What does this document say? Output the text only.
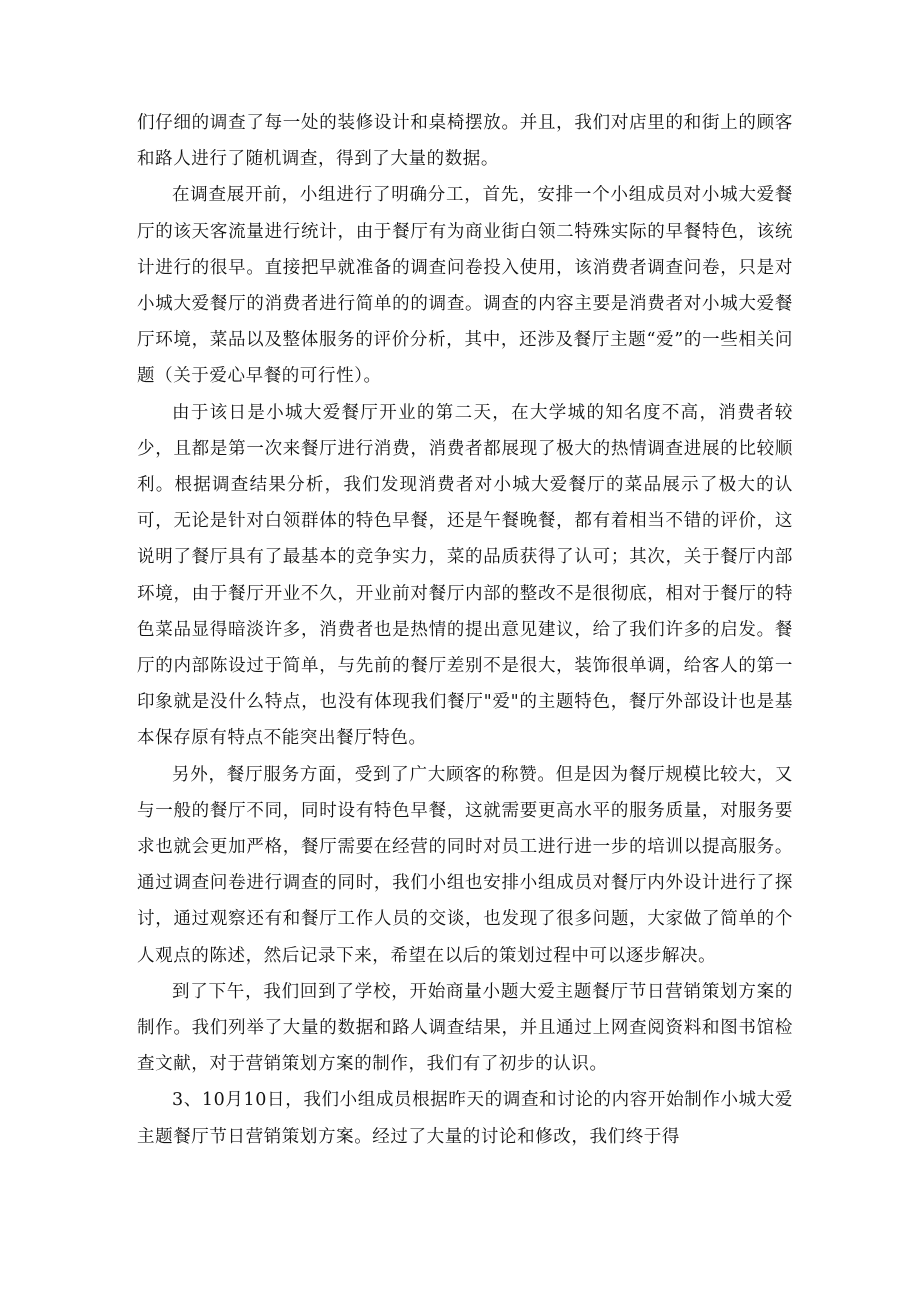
们仔细的调查了每一处的装修设计和桌椅摆放。并且，我们对店里的和街上的顾客和路人进行了随机调查，得到了大量的数据。

在调查展开前，小组进行了明确分工，首先，安排一个小组成员对小城大爱餐厅的该天客流量进行统计，由于餐厅有为商业街白领二特殊实际的早餐特色，该统计进行的很早。直接把早就准备的调查问卷投入使用，该消费者调查问卷，只是对小城大爱餐厅的消费者进行简单的的调查。调查的内容主要是消费者对小城大爱餐厅环境，菜品以及整体服务的评价分析，其中，还涉及餐厅主题“爱”的一些相关问题（关于爱心早餐的可行性）。

由于该日是小城大爱餐厅开业的第二天，在大学城的知名度不高，消费者较少，且都是第一次来餐厅进行消费，消费者都展现了极大的热情调查进展的比较顺利。根据调查结果分析，我们发现消费者对小城大爱餐厅的菜品展示了极大的认可，无论是针对白领群体的特色早餐，还是午餐晚餐，都有着相当不错的评价，这说明了餐厅具有了最基本的竞争实力，菜的品质获得了认可；其次，关于餐厅内部环境，由于餐厅开业不久，开业前对餐厅内部的整改不是很彻底，相对于餐厅的特色菜品显得暗淡许多，消费者也是热情的提出意见建议，给了我们许多的启发。餐厅的内部陈设过于简单，与先前的餐厅差别不是很大，装饰很单调，给客人的第一印象就是没什么特点，也没有体现我们餐厅"爱"的主题特色，餐厅外部设计也是基本保存原有特点不能突出餐厅特色。

另外，餐厅服务方面，受到了广大顾客的称赞。但是因为餐厅规模比较大，又与一般的餐厅不同，同时设有特色早餐，这就需要更高水平的服务质量，对服务要求也就会更加严格，餐厅需要在经营的同时对员工进行进一步的培训以提高服务。通过调查问卷进行调查的同时，我们小组也安排小组成员对餐厅内外设计进行了探讨，通过观察还有和餐厅工作人员的交谈，也发现了很多问题，大家做了简单的个人观点的陈述，然后记录下来，希望在以后的策划过程中可以逐步解决。

到了下午，我们回到了学校，开始商量小题大爱主题餐厅节日营销策划方案的制作。我们列举了大量的数据和路人调查结果，并且通过上网查阅资料和图书馆检查文献，对于营销策划方案的制作，我们有了初步的认识。

3、10月10日，我们小组成员根据昨天的调查和讨论的内容开始制作小城大爱主题餐厅节日营销策划方案。经过了大量的讨论和修改，我们终于得
